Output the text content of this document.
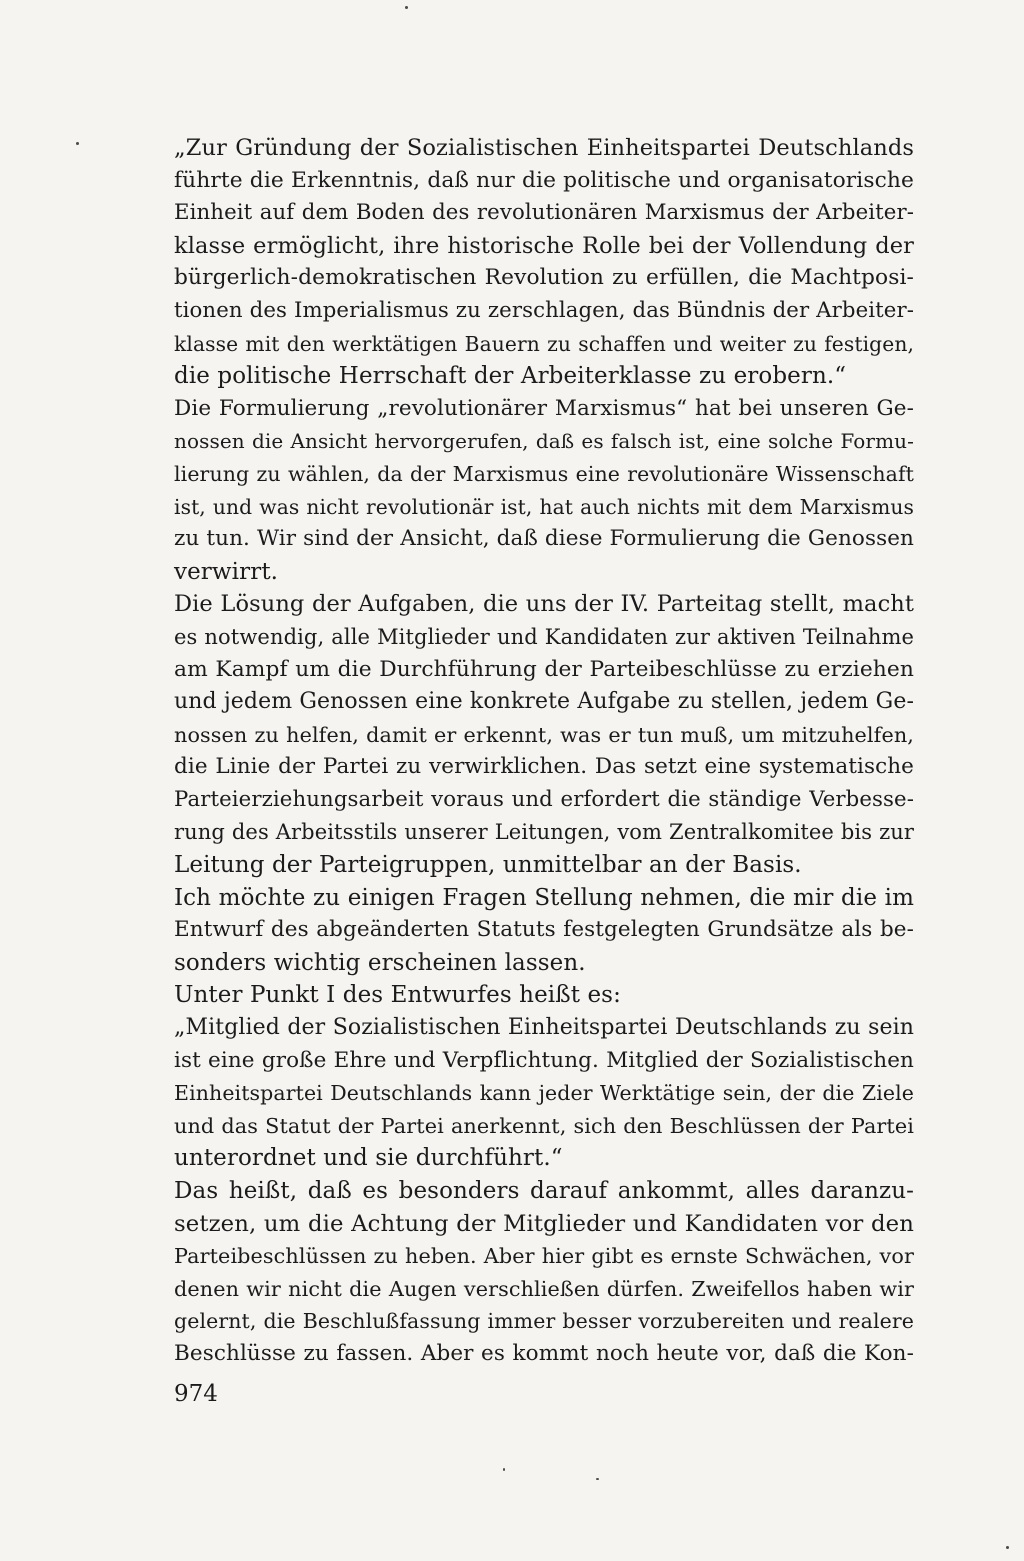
„Zur Gründung der Sozialistischen Einheitspartei Deutschlands
führte die Erkenntnis, daß nur die politische und organisatorische
Einheit auf dem Boden des revolutionären Marxismus der Arbeiter-
klasse ermöglicht, ihre historische Rolle bei der Vollendung der
bürgerlich-demokratischen Revolution zu erfüllen, die Machtposi-
tionen des Imperialismus zu zerschlagen, das Bündnis der Arbeiter-
klasse mit den werktätigen Bauern zu schaffen und weiter zu festigen,
die politische Herrschaft der Arbeiterklasse zu erobern.“
Die Formulierung „revolutionärer Marxismus“ hat bei unseren Ge-
nossen die Ansicht hervorgerufen, daß es falsch ist, eine solche Formu-
lierung zu wählen, da der Marxismus eine revolutionäre Wissenschaft
ist, und was nicht revolutionär ist, hat auch nichts mit dem Marxismus
zu tun. Wir sind der Ansicht, daß diese Formulierung die Genossen
verwirrt.
Die Lösung der Aufgaben, die uns der IV. Parteitag stellt, macht
es notwendig, alle Mitglieder und Kandidaten zur aktiven Teilnahme
am Kampf um die Durchführung der Parteibeschlüsse zu erziehen
und jedem Genossen eine konkrete Aufgabe zu stellen, jedem Ge-
nossen zu helfen, damit er erkennt, was er tun muß, um mitzuhelfen,
die Linie der Partei zu verwirklichen. Das setzt eine systematische
Parteierziehungsarbeit voraus und erfordert die ständige Verbesse-
rung des Arbeitsstils unserer Leitungen, vom Zentralkomitee bis zur
Leitung der Parteigruppen, unmittelbar an der Basis.
Ich möchte zu einigen Fragen Stellung nehmen, die mir die im
Entwurf des abgeänderten Statuts festgelegten Grundsätze als be-
sonders wichtig erscheinen lassen.
Unter Punkt I des Entwurfes heißt es:
„Mitglied der Sozialistischen Einheitspartei Deutschlands zu sein
ist eine große Ehre und Verpflichtung. Mitglied der Sozialistischen
Einheitspartei Deutschlands kann jeder Werktätige sein, der die Ziele
und das Statut der Partei anerkennt, sich den Beschlüssen der Partei
unterordnet und sie durchführt.“
Das heißt, daß es besonders darauf ankommt, alles daranzu-
setzen, um die Achtung der Mitglieder und Kandidaten vor den
Parteibeschlüssen zu heben. Aber hier gibt es ernste Schwächen, vor
denen wir nicht die Augen verschließen dürfen. Zweifellos haben wir
gelernt, die Beschlußfassung immer besser vorzubereiten und realere
Beschlüsse zu fassen. Aber es kommt noch heute vor, daß die Kon-
974
